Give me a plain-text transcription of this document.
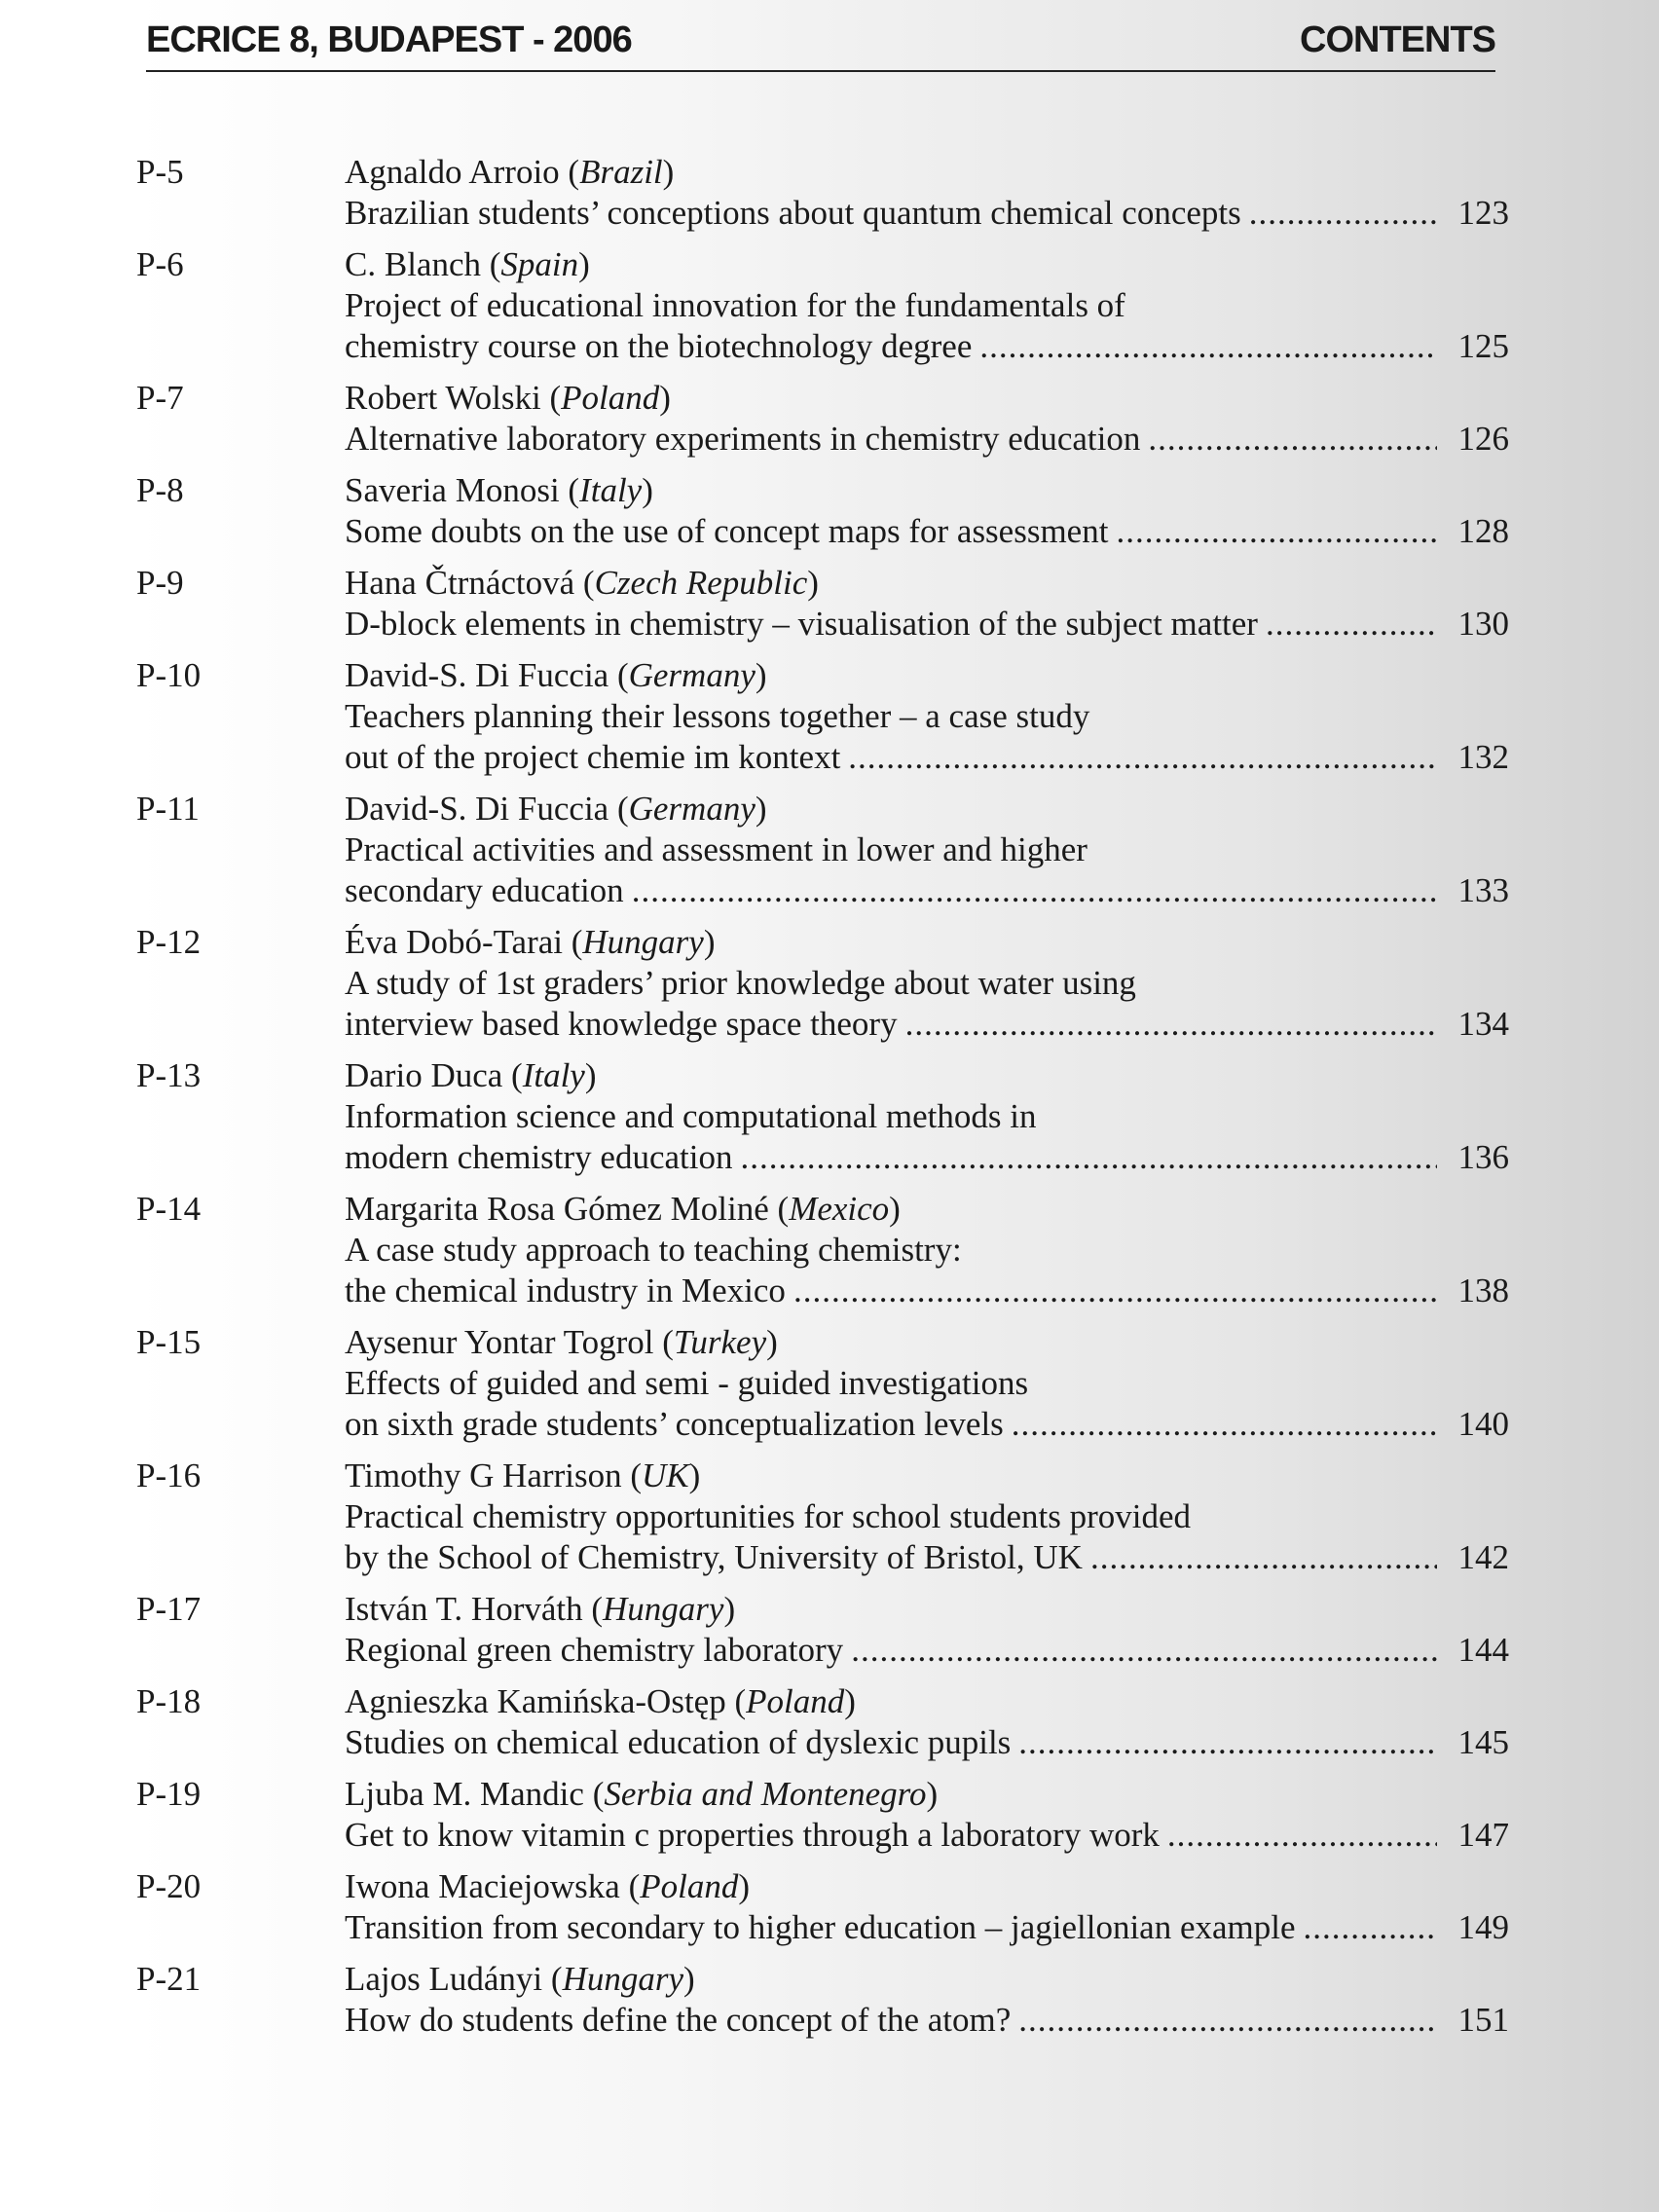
ECRICE 8, BUDAPEST - 2006	CONTENTS
P-5	Agnaldo Arroio ( Brazil )
Brazilian students’ conceptions about quantum chemical concepts .....	123
P-6	C. Blanch ( Spain )
Project of educational innovation for the fundamentals of
chemistry course on the biotechnology degree .....	125
P-7	Robert Wolski ( Poland )
Alternative laboratory experiments in chemistry education .....	126
P-8	Saveria Monosi ( Italy )
Some doubts on the use of concept maps for assessment .....	128
P-9	Hana Čtrnáctová ( Czech Republic )
D-block elements in chemistry – visualisation of the subject matter .....	130
P-10	David-S. Di Fuccia ( Germany )
Teachers planning their lessons together – a case study
out of the project chemie im kontext .....	132
P-11	David-S. Di Fuccia ( Germany )
Practical activities and assessment in lower and higher
secondary education .....	133
P-12	Éva Dobó-Tarai ( Hungary )
A study of 1st graders’ prior knowledge about water using
interview based knowledge space theory .....	134
P-13	Dario Duca ( Italy )
Information science and computational methods in
modern chemistry education .....	136
P-14	Margarita Rosa Gómez Moliné ( Mexico )
A case study approach to teaching chemistry:
the chemical industry in Mexico .....	138
P-15	Aysenur Yontar Togrol ( Turkey )
Effects of guided and semi - guided investigations
on sixth grade students’ conceptualization levels .....	140
P-16	Timothy G Harrison ( UK )
Practical chemistry opportunities for school students provided
by the School of Chemistry, University of Bristol, UK .....	142
P-17	István T. Horváth ( Hungary )
Regional green chemistry laboratory .....	144
P-18	Agnieszka Kamińska-Ostęp ( Poland )
Studies on chemical education of dyslexic pupils .....	145
P-19	Ljuba M. Mandic ( Serbia and Montenegro )
Get to know vitamin c properties through a laboratory work .....	147
P-20	Iwona Maciejowska ( Poland )
Transition from secondary to higher education – jagiellonian example .....	149
P-21	Lajos Ludányi ( Hungary )
How do students define the concept of the atom? .....	151
